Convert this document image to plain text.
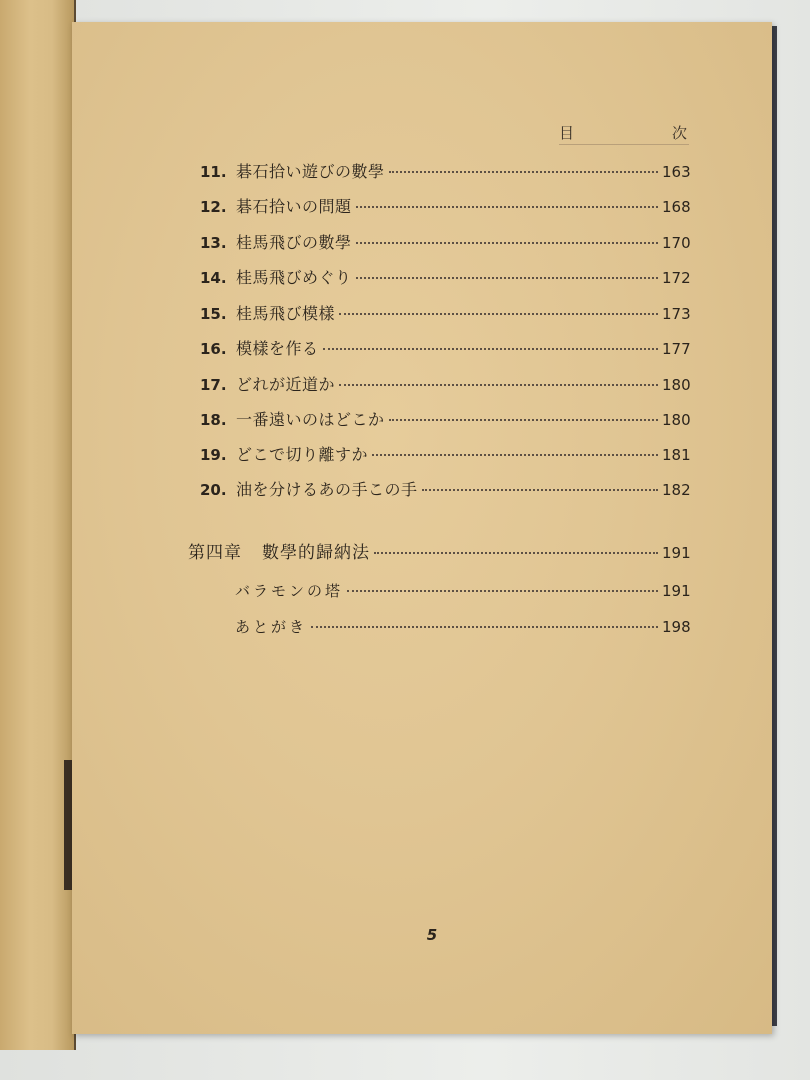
目	次
11. 碁石拾い遊びの數學	163
12. 碁石拾いの問題	168
13. 桂馬飛びの數學	170
14. 桂馬飛びめぐり	172
15. 桂馬飛び模樣	173
16. 模樣を作る	177
17. どれが近道か	180
18. 一番遠いのはどこか	180
19. どこで切り離すか	181
20. 油を分けるあの手この手	182
第四章 數學的歸納法	191
バラモンの塔	191
あとがき	198
5
